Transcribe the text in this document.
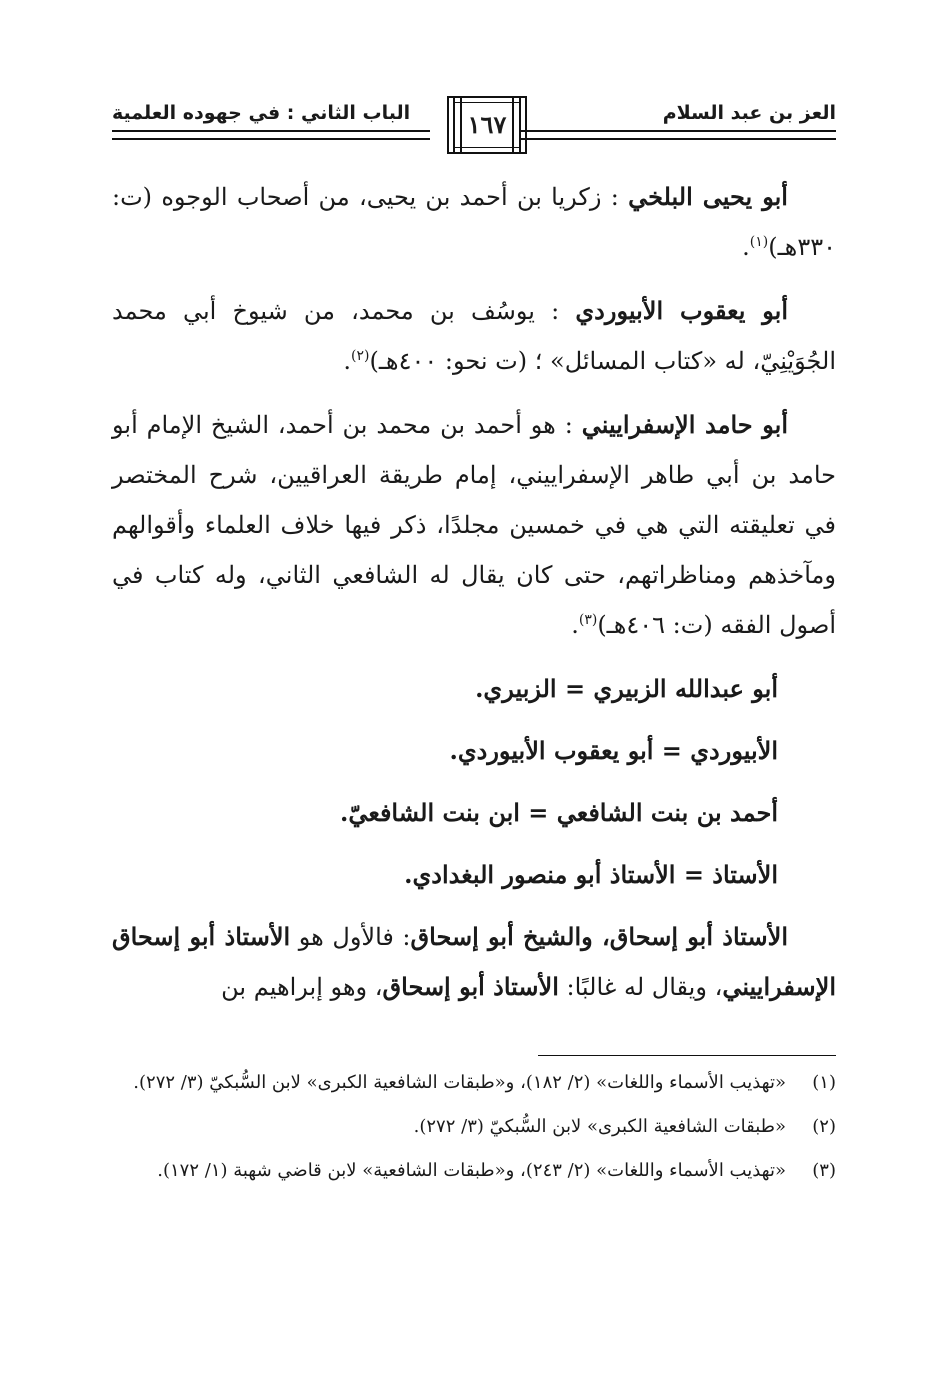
العز بن عبد السلام
١٦٧
الباب الثاني : في جهوده العلمية

أبو يحيى البلخي : زكريا بن أحمد بن يحيى، من أصحاب الوجوه (ت: ٣٣٠هـ)$^{(١)}$.

أبو يعقوب الأبيوردي : يوسُف بن محمد، من شيوخ أبي محمد الجُوَيْنِيّ، له «كتاب المسائل» ؛ (ت نحو: ٤٠٠هـ)$^{(٢)}$.

أبو حامد الإسفراييني : هو أحمد بن محمد بن أحمد، الشيخ الإمام أبو حامد بن أبي طاهر الإسفراييني، إمام طريقة العراقيين، شرح المختصر في تعليقته التي هي في خمسين مجلدًا، ذكر فيها خلاف العلماء وأقوالهم ومآخذهم ومناظراتهم، حتى كان يقال له الشافعي الثاني، وله كتاب في أصول الفقه (ت: ٤٠٦هـ)$^{(٣)}$.

أبو عبدالله الزبيري = الزبيري.

الأبيوردي = أبو يعقوب الأبيوردي.

أحمد بن بنت الشافعي = ابن بنت الشافعيّ.

الأستاذ = الأستاذ أبو منصور البغدادي.

الأستاذ أبو إسحاق، والشيخ أبو إسحاق: فالأول هو الأستاذ أبو إسحاق الإسفراييني، ويقال له غالبًا: الأستاذ أبو إسحاق، وهو إبراهيم بن

(١)
«تهذيب الأسماء واللغات» (٢/ ١٨٢)، و«طبقات الشافعية الكبرى» لابن السُّبكيّ (٣/ ٢٧٢).
(٢)
«طبقات الشافعية الكبرى» لابن السُّبكيّ (٣/ ٢٧٢).
(٣)
«تهذيب الأسماء واللغات» (٢/ ٢٤٣)، و«طبقات الشافعية» لابن قاضي شهبة (١/ ١٧٢).
